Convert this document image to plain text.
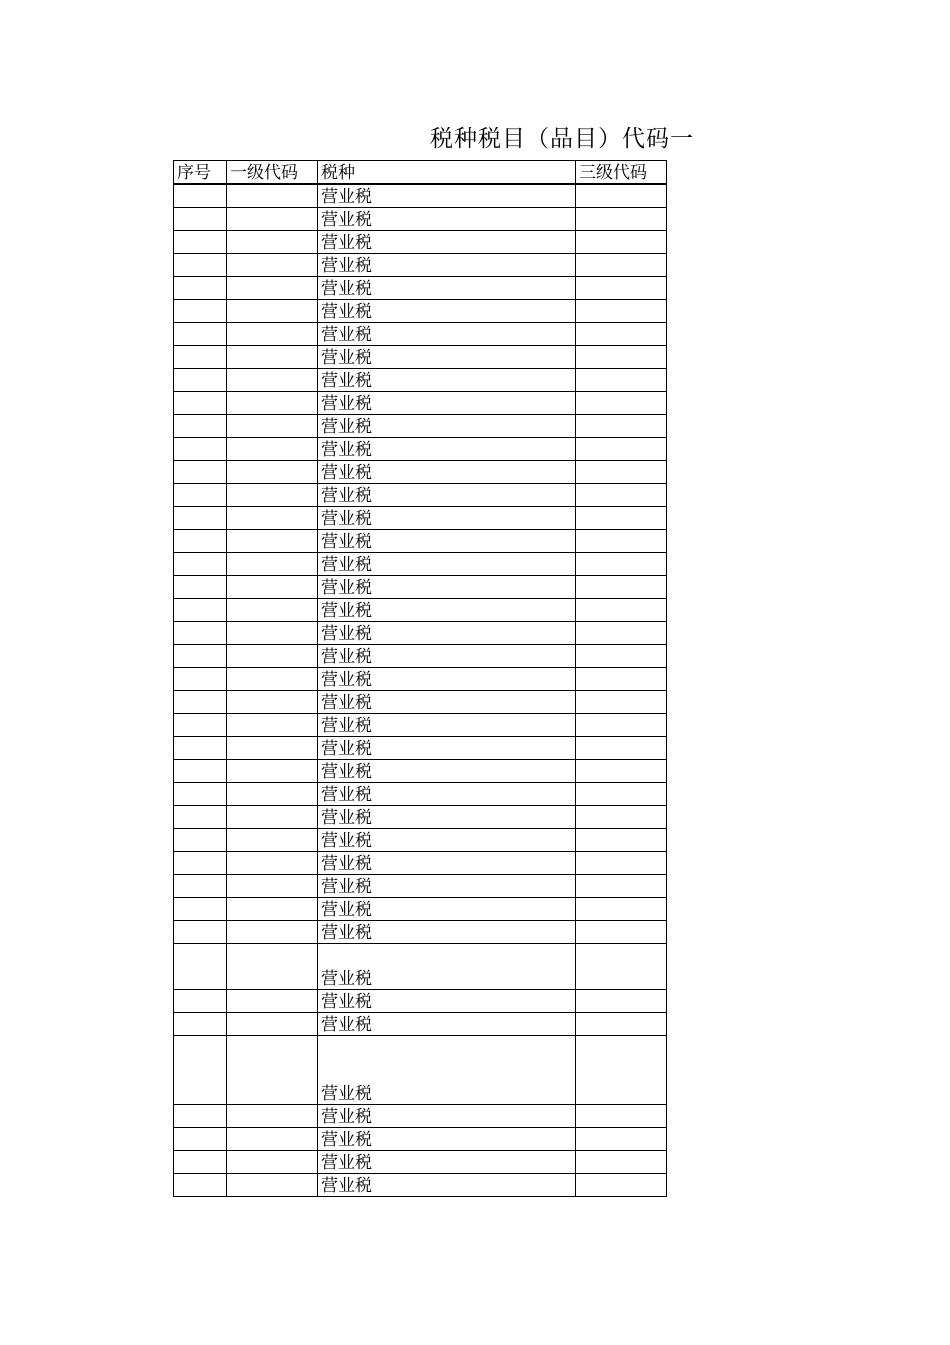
税种税目（品目）代码一
序号	一级代码	税种	三级代码
		营业税	
		营业税	
		营业税	
		营业税	
		营业税	
		营业税	
		营业税	
		营业税	
		营业税	
		营业税	
		营业税	
		营业税	
		营业税	
		营业税	
		营业税	
		营业税	
		营业税	
		营业税	
		营业税	
		营业税	
		营业税	
		营业税	
		营业税	
		营业税	
		营业税	
		营业税	
		营业税	
		营业税	
		营业税	
		营业税	
		营业税	
		营业税	
		营业税	
		营业税	
		营业税	
		营业税	
		营业税	
		营业税	
		营业税	
		营业税	
		营业税	
